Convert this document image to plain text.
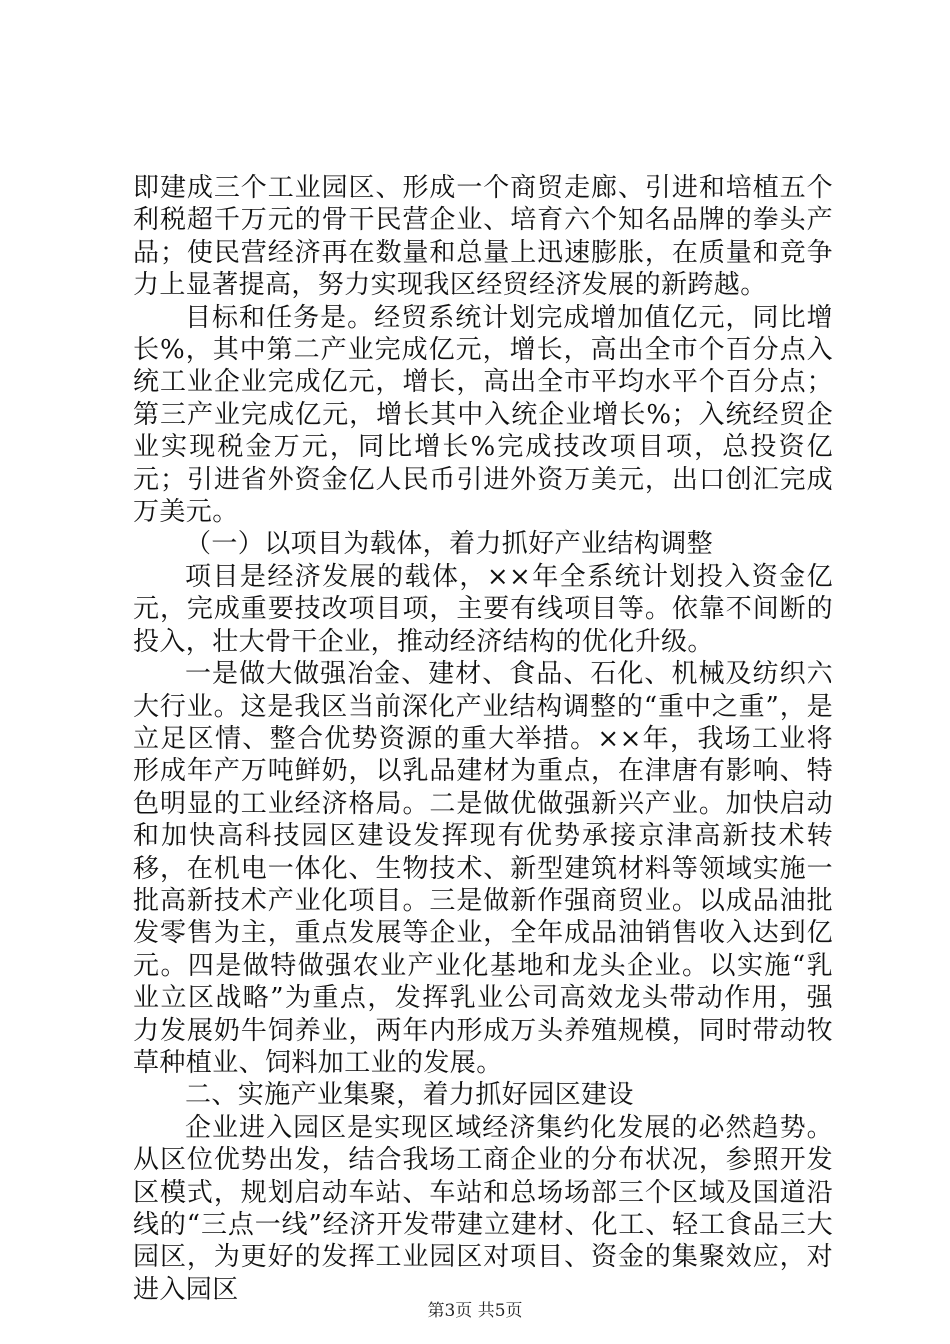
即建成三个工业园区、形成一个商贸走廊、引进和培植五个利税超千万元的骨干民营企业、培育六个知名品牌的拳头产品；使民营经济再在数量和总量上迅速膨胀，在质量和竞争力上显著提高，努力实现我区经贸经济发展的新跨越。

目标和任务是。经贸系统计划完成增加值亿元，同比增长%，其中第二产业完成亿元，增长，高出全市个百分点入统工业企业完成亿元，增长，高出全市平均水平个百分点；第三产业完成亿元，增长其中入统企业增长%；入统经贸企业实现税金万元，同比增长%完成技改项目项，总投资亿元；引进省外资金亿人民币引进外资万美元，出口创汇完成万美元。

（一）以项目为载体，着力抓好产业结构调整

项目是经济发展的载体，××年全系统计划投入资金亿元，完成重要技改项目项，主要有线项目等。依靠不间断的投入，壮大骨干企业，推动经济结构的优化升级。

一是做大做强冶金、建材、食品、石化、机械及纺织六大行业。这是我区当前深化产业结构调整的“重中之重”，是立足区情、整合优势资源的重大举措。××年，我场工业将形成年产万吨鲜奶，以乳品建材为重点，在津唐有影响、特色明显的工业经济格局。二是做优做强新兴产业。加快启动和加快高科技园区建设发挥现有优势承接京津高新技术转移，在机电一体化、生物技术、新型建筑材料等领域实施一批高新技术产业化项目。三是做新作强商贸业。以成品油批发零售为主，重点发展等企业，全年成品油销售收入达到亿元。四是做特做强农业产业化基地和龙头企业。以实施“乳业立区战略”为重点，发挥乳业公司高效龙头带动作用，强力发展奶牛饲养业，两年内形成万头养殖规模，同时带动牧草种植业、饲料加工业的发展。

二、实施产业集聚，着力抓好园区建设

企业进入园区是实现区域经济集约化发展的必然趋势。从区位优势出发，结合我场工商企业的分布状况，参照开发区模式，规划启动车站、车站和总场场部三个区域及国道沿线的“三点一线”经济开发带建立建材、化工、轻工食品三大园区，为更好的发挥工业园区对项目、资金的集聚效应，对进入园区

第3页 共5页
